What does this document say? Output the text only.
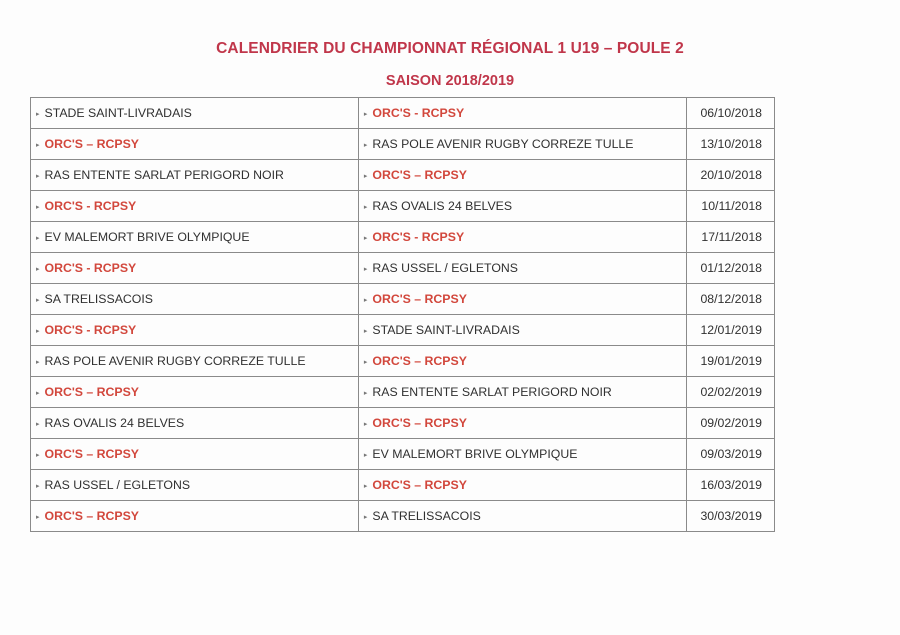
CALENDRIER DU CHAMPIONNAT RÉGIONAL 1 U19 – POULE 2
SAISON 2018/2019
▸ STADE SAINT-LIVRADAIS	▸ ORC'S - RCPSY	06/10/2018
▸ ORC'S – RCPSY	▸ RAS POLE AVENIR RUGBY CORREZE TULLE	13/10/2018
▸ RAS ENTENTE SARLAT PERIGORD NOIR	▸ ORC'S – RCPSY	20/10/2018
▸ ORC'S - RCPSY	▸ RAS OVALIS 24 BELVES	10/11/2018
▸ EV MALEMORT BRIVE OLYMPIQUE	▸ ORC'S - RCPSY	17/11/2018
▸ ORC'S - RCPSY	▸ RAS USSEL / EGLETONS	01/12/2018
▸ SA TRELISSACOIS	▸ ORC'S – RCPSY	08/12/2018
▸ ORC'S - RCPSY	▸ STADE SAINT-LIVRADAIS	12/01/2019
▸ RAS POLE AVENIR RUGBY CORREZE TULLE	▸ ORC'S – RCPSY	19/01/2019
▸ ORC'S – RCPSY	▸ RAS ENTENTE SARLAT PERIGORD NOIR	02/02/2019
▸ RAS OVALIS 24 BELVES	▸ ORC'S – RCPSY	09/02/2019
▸ ORC'S – RCPSY	▸ EV MALEMORT BRIVE OLYMPIQUE	09/03/2019
▸ RAS USSEL / EGLETONS	▸ ORC'S – RCPSY	16/03/2019
▸ ORC'S – RCPSY	▸ SA TRELISSACOIS	30/03/2019
